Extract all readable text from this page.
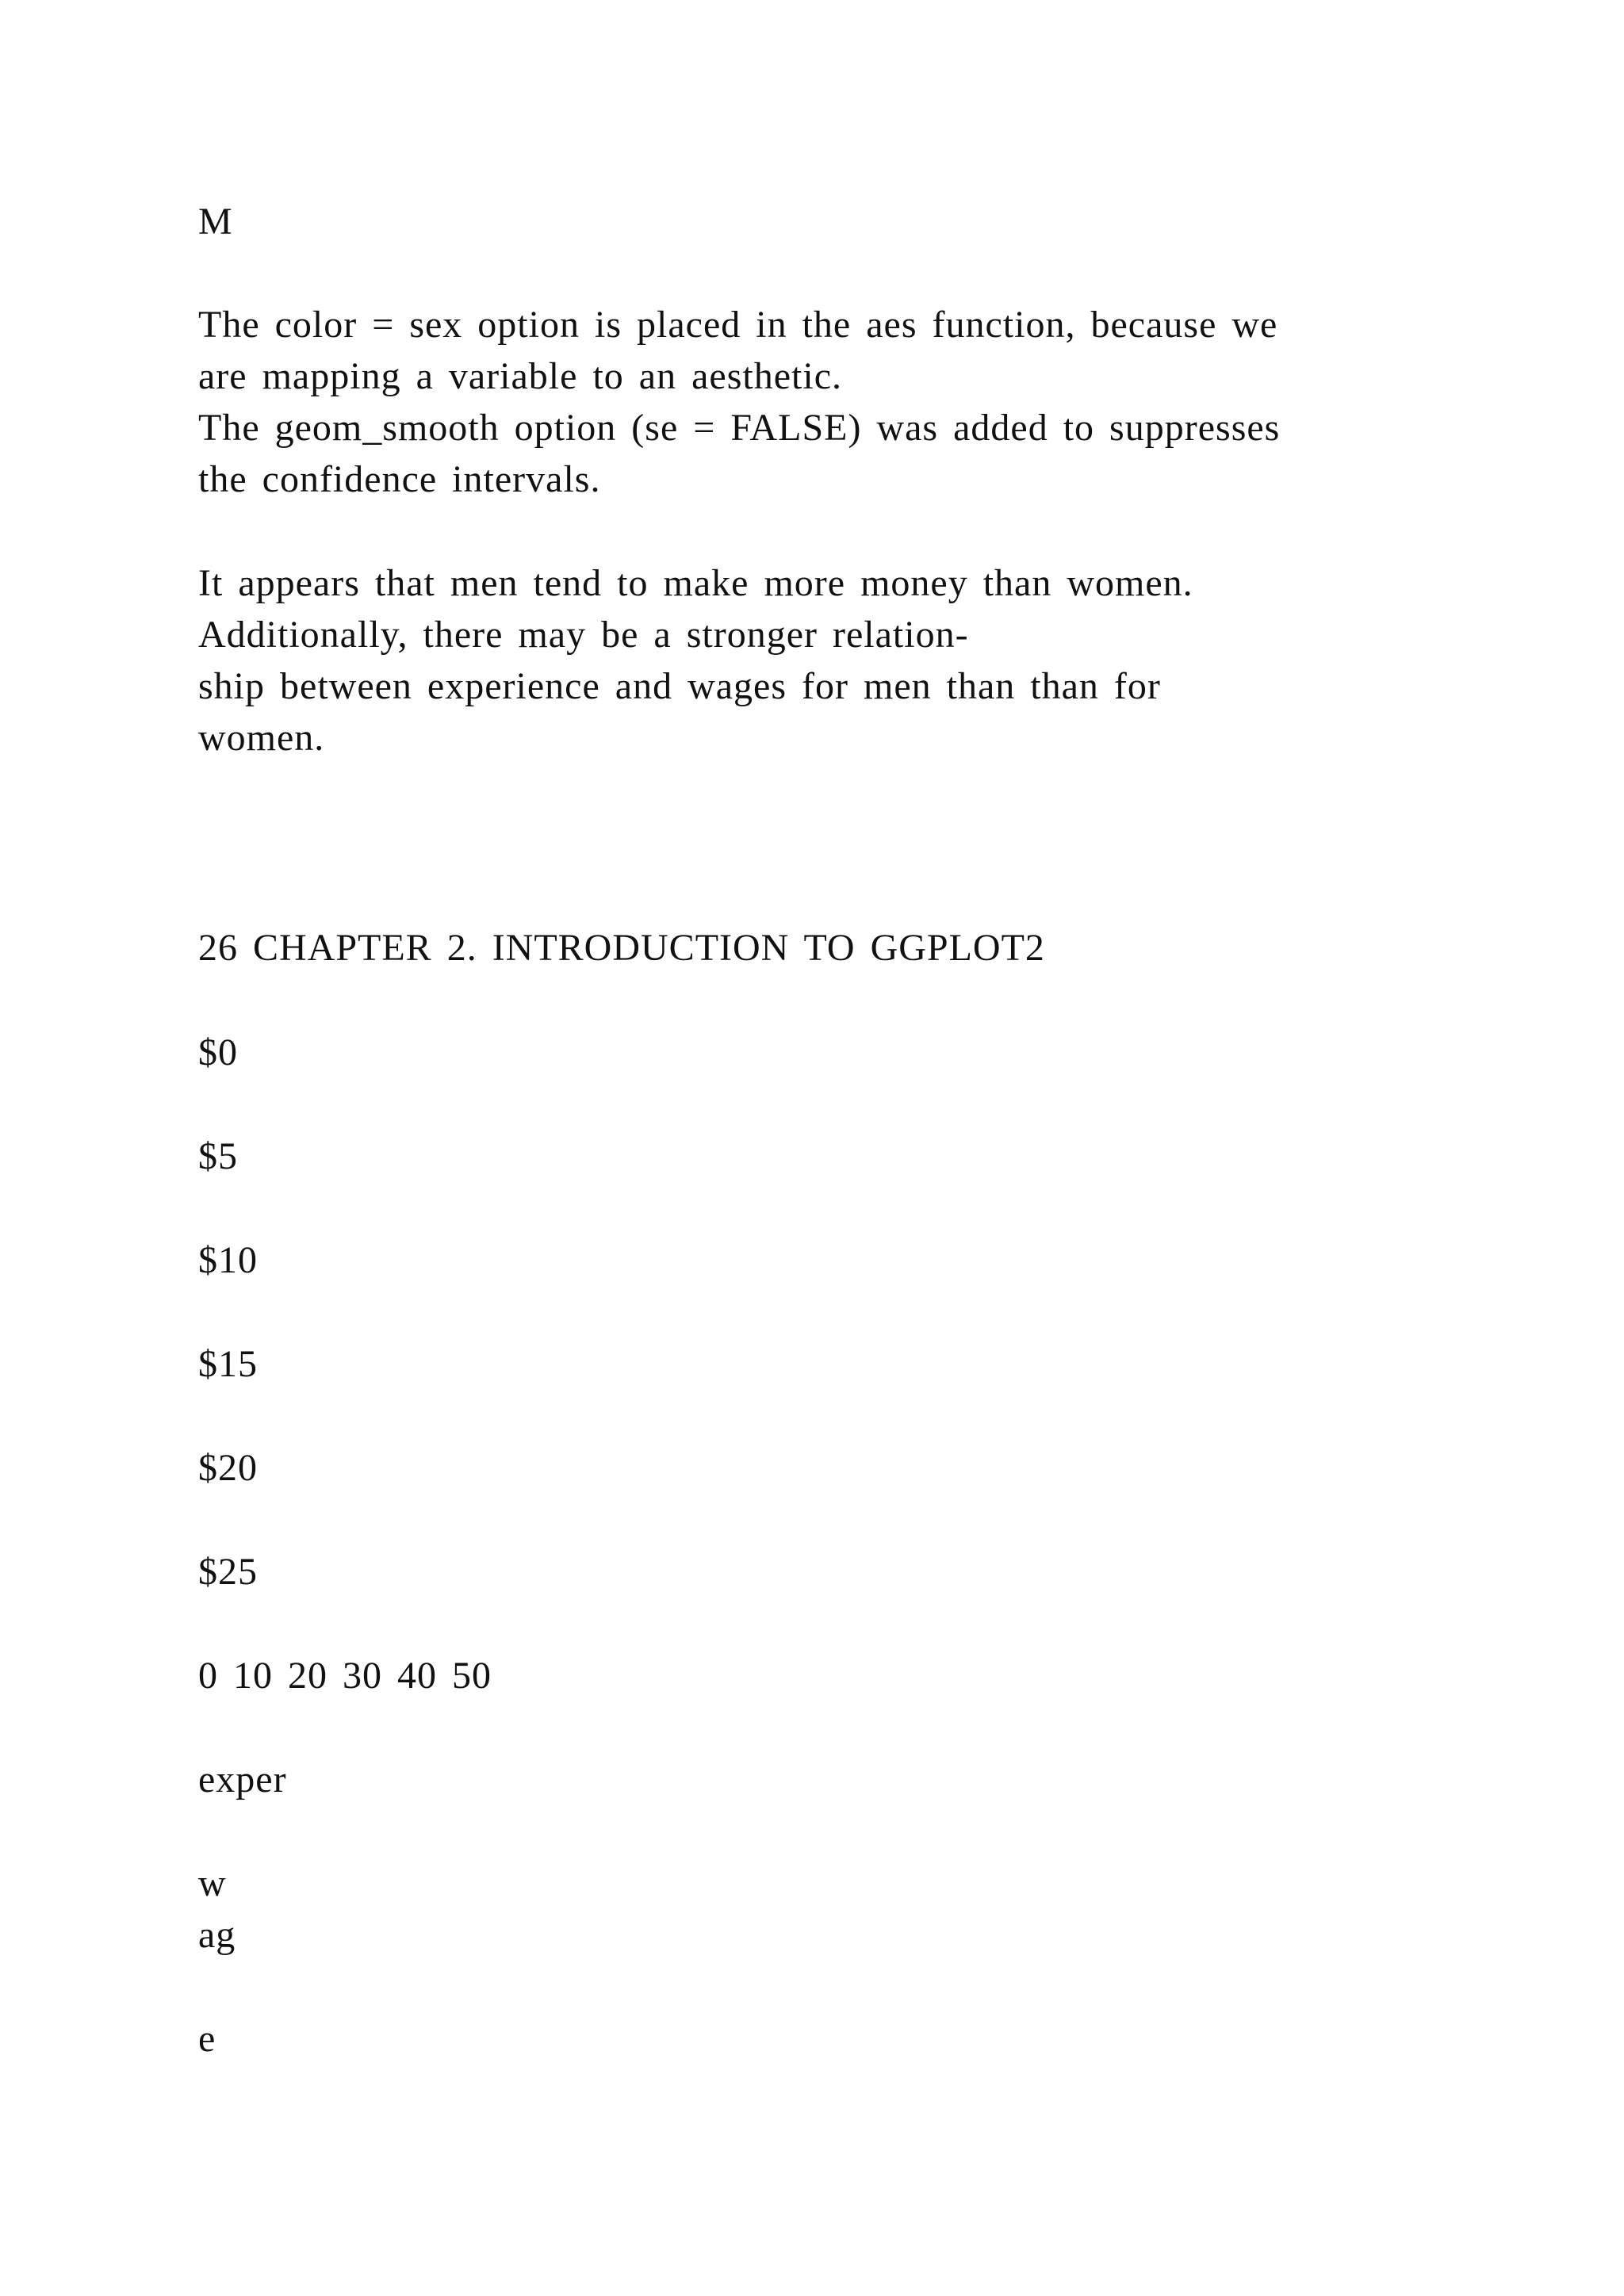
M

The color = sex option is placed in the aes function, because we

are mapping a variable to an aesthetic.

The geom_smooth option (se = FALSE) was added to suppresses

the confidence intervals.

It appears that men tend to make more money than women.

Additionally, there may be a stronger relation-

ship between experience and wages for men than than for

women.

26 CHAPTER 2. INTRODUCTION TO GGPLOT2

$0

$5

$10

$15

$20

$25

0 10 20 30 40 50

exper

w

ag

e
